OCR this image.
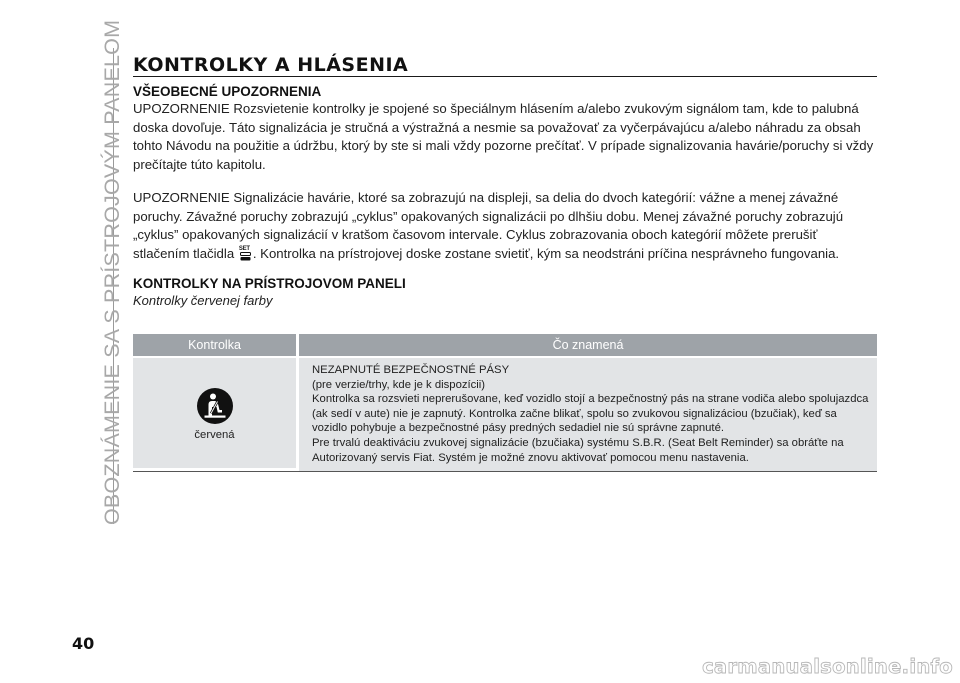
OBOZNÁMENIE SA S PRÍSTROJOVÝM PANELOM KONTROLKY A HLÁSENIA
VŠEOBECNÉ UPOZORNENIA

UPOZORNENIE Rozsvietenie kontrolky je spojené so špeciálnym hlásením a/alebo zvukovým signálom tam, kde to palubná doska dovoľuje. Táto signalizácia je stručná a výstražná a nesmie sa považovať za vyčerpávajúcu a/alebo náhradu za obsah tohto Návodu na použitie a údržbu, ktorý by ste si mali vždy pozorne prečítať. V prípade signalizovania havárie/poruchy si vždy prečítajte túto kapitolu.

UPOZORNENIE Signalizácie havárie, ktoré sa zobrazujú na displeji, sa delia do dvoch kategórií: vážne a menej závažné poruchy. Závažné poruchy zobrazujú „cyklus” opakovaných signalizácii po dlhšiu dobu. Menej závažné poruchy zobrazujú „cyklus” opakovaných signalizácií v kratšom časovom intervale. Cyklus zobrazovania oboch kategórií môžete prerušiť stlačením tlačidla SET . Kontrolka na prístrojovej doske zostane svietiť, kým sa neodstráni príčina nesprávneho fungovania.

KONTROLKY NA PRÍSTROJOVOM PANELI

Kontrolky červenej farby

Kontrolka	Čo znamená
červená

NEZAPNUTÉ BEZPEČNOSTNÉ PÁSY

(pre verzie/trhy, kde je k dispozícii)

Kontrolka sa rozsvieti neprerušovane, keď vozidlo stojí a bezpečnostný pás na strane vodiča alebo spolujazdca (ak sedí v aute) nie je zapnutý. Kontrolka začne blikať, spolu so zvukovou signalizáciou (bzučiak), keď sa vozidlo pohybuje a bezpečnostné pásy predných sedadiel nie sú správne zapnuté.

Pre trvalú deaktiváciu zvukovej signalizácie (bzučiaka) systému S.B.R. (Seat Belt Reminder) sa obráťte na Autorizovaný servis Fiat. Systém je možné znovu aktivovať pomocou menu nastavenia.

40
carmanualsonline.info
